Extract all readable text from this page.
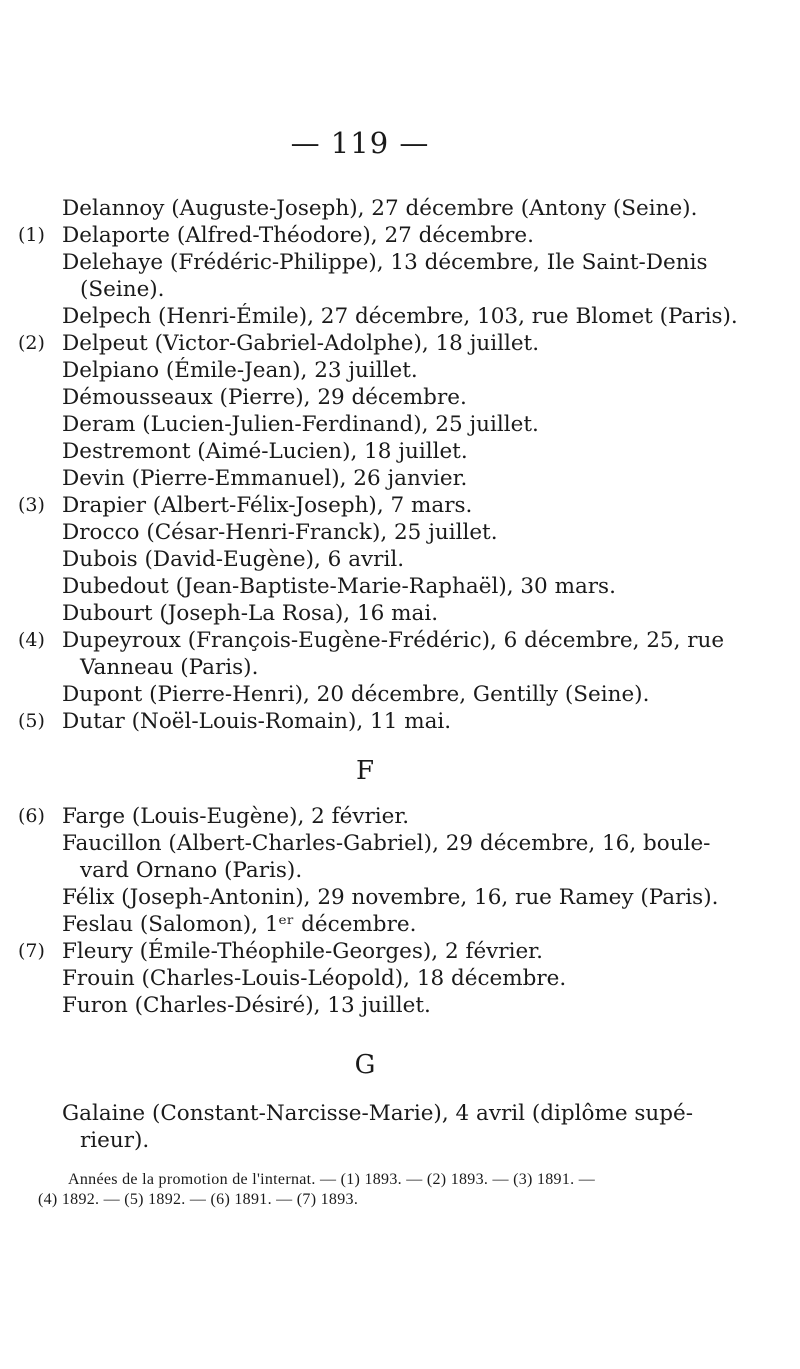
— 119 —
Delannoy (Auguste-Joseph), 27 décembre (Antony (Seine).
(1) Delaporte (Alfred-Théodore), 27 décembre.
Delehaye (Frédéric-Philippe), 13 décembre, Ile Saint-Denis
(Seine).
Delpech (Henri-Émile), 27 décembre, 103, rue Blomet (Paris).
(2) Delpeut (Victor-Gabriel-Adolphe), 18 juillet.
Delpiano (Émile-Jean), 23 juillet.
Démousseaux (Pierre), 29 décembre.
Deram (Lucien-Julien-Ferdinand), 25 juillet.
Destremont (Aimé-Lucien), 18 juillet.
Devin (Pierre-Emmanuel), 26 janvier.
(3) Drapier (Albert-Félix-Joseph), 7 mars.
Drocco (César-Henri-Franck), 25 juillet.
Dubois (David-Eugène), 6 avril.
Dubedout (Jean-Baptiste-Marie-Raphaël), 30 mars.
Dubourt (Joseph-La Rosa), 16 mai.
(4) Dupeyroux (François-Eugène-Frédéric), 6 décembre, 25, rue
Vanneau (Paris).
Dupont (Pierre-Henri), 20 décembre, Gentilly (Seine).
(5) Dutar (Noël-Louis-Romain), 11 mai.
F
(6) Farge (Louis-Eugène), 2 février.
Faucillon (Albert-Charles-Gabriel), 29 décembre, 16, boule-
vard Ornano (Paris).
Félix (Joseph-Antonin), 29 novembre, 16, rue Ramey (Paris).
Feslau (Salomon), 1ᵉʳ décembre.
(7) Fleury (Émile-Théophile-Georges), 2 février.
Frouin (Charles-Louis-Léopold), 18 décembre.
Furon (Charles-Désiré), 13 juillet.
G
Galaine (Constant-Narcisse-Marie), 4 avril (diplôme supé-
rieur).
Années de la promotion de l'internat. — (1) 1893. — (2) 1893. — (3) 1891. —
(4) 1892. — (5) 1892. — (6) 1891. — (7) 1893.
